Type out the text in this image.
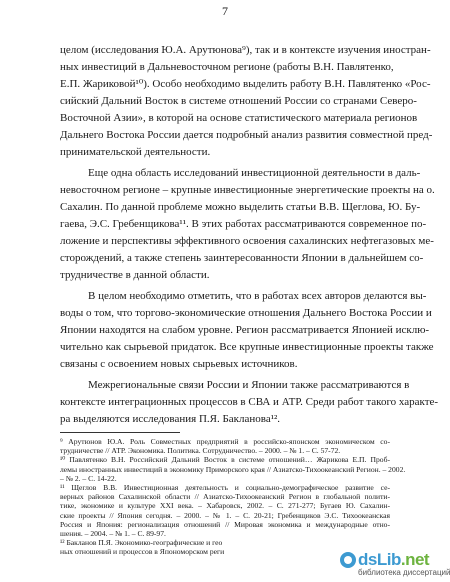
7
целом (исследования Ю.А. Арутюнова⁹), так и в контексте изучения иностран-
ных инвестиций в Дальневосточном регионе (работы В.Н. Павлятенко,
Е.П. Жариковой¹⁰). Особо необходимо выделить работу В.Н. Павлятенко «Рос-
сийский Дальний Восток в системе отношений России со странами Северо-
Восточной Азии», в которой на основе статистического материала регионов
Дальнего Востока России дается подробный анализ развития совместной пред-
принимательской деятельности.
Еще одна область исследований инвестиционной деятельности в даль-
невосточном регионе – крупные инвестиционные энергетические проекты на о.
Сахалин. По данной проблеме можно выделить статьи В.В. Щеглова, Ю. Бу-
гаева, Э.С. Гребенщикова¹¹. В этих работах рассматриваются современное по-
ложение и перспективы эффективного освоения сахалинских нефтегазовых ме-
сторождений, а также степень заинтересованности Японии в дальнейшем со-
трудничестве в данной области.
В целом необходимо отметить, что в работах всех авторов делаются вы-
воды о том, что торгово-экономические отношения Дальнего Востока России и
Японии находятся на слабом уровне. Регион рассматривается Японией исклю-
чительно как сырьевой придаток. Все крупные инвестиционные проекты также
связаны с освоением новых сырьевых источников.
Межрегиональные связи России и Японии также рассматриваются в
контексте интеграционных процессов в СВА и АТР. Среди работ такого характе-
ра выделяются исследования П.Я. Бакланова¹².
⁹ Арутюнов Ю.А. Роль Совместных предприятий в российско-японском экономическом со-
трудничестве // АТР. Экономика. Политика. Сотрудничество. – 2000. – № 1. – С. 57-72.
¹⁰ Павлятенко В.Н. Российский Дальний Восток в системе отношений… Жарикова Е.П. Проб-
лемы иностранных инвестиций в экономику Приморского края // Азиатско-Тихоокеанский Регион. – 2002.
– № 2. – С. 14-22.
¹¹ Щеглов В.В. Инвестиционная деятельность и социально-демографическое развитие се-
верных районов Сахалинской области // Азиатско-Тихоокеанский Регион в глобальной полити-
тике, экономике и культуре XXI века. – Хабаровск, 2002. – С. 271-277; Бугаев Ю. Сахалин-
ские проекты // Япония сегодня. – 2000. – № 1. – С. 20-21; Гребенщиков Э.С. Тихоокеанская
Россия и Япония: регионализация отношений // Мировая экономика и международные отно-
шения. – 2004. – № 1. – С. 89-97.
¹² Бакланов П.Я. Экономико-географические и гео
ных отношений и процессов в Япономорском реги	dsLib.net
библиотека диссертаций
